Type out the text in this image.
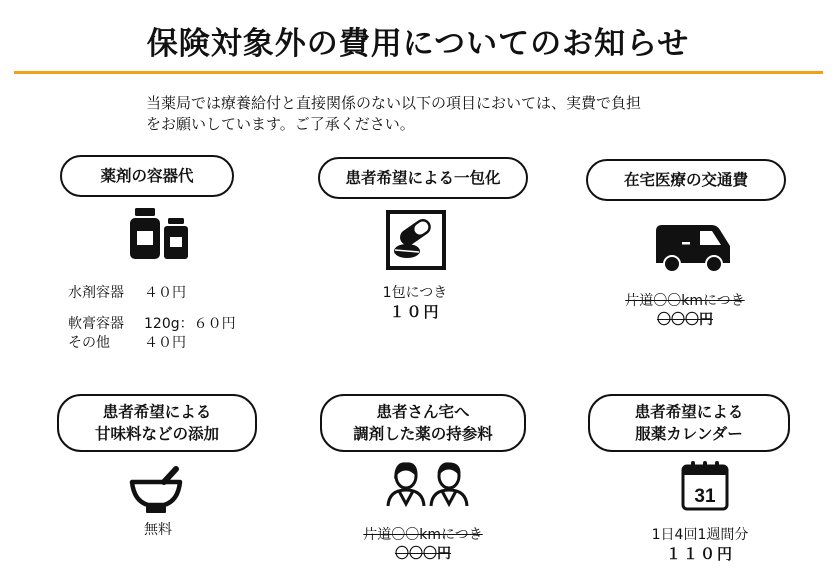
保険対象外の費用についてのお知らせ
当薬局では療養給付と直接関係のない以下の項目においては、実費で負担
をお願いしています。ご了承ください。
薬剤の容器代
水剤容器 ４０円
軟膏容器 120g：６０円
その他 ４０円
患者希望による一包化
1包につき
１０円
在宅医療の交通費
片道〇〇kmにつき
〇〇〇円
患者希望による
甘味料などの添加
無料
患者さん宅へ
調剤した薬の持参料
片道〇〇kmにつき
〇〇〇円
患者希望による
服薬カレンダー
31
1日4回1週間分
１１０円
